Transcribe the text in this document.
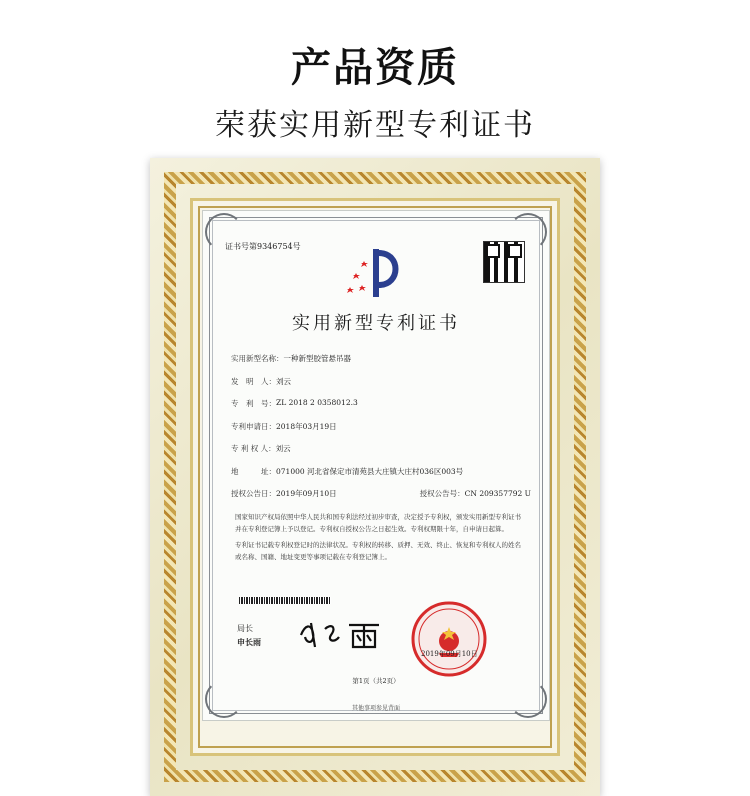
产品资质
荣获实用新型专利证书
证书号第9346754号
实用新型专利证书
实用新型名称： 一种新型胶管悬吊器
发　明　人： 刘云
专　利　号： ZL 2018 2 0358012.3
专利申请日： 2018年03月19日
专 利 权 人： 刘云
地　　　址： 071000 河北省保定市清苑县大庄镇大庄村036区003号
授权公告日：2019年09月10日	授权公告号：CN 209357792 U
国家知识产权局依照中华人民共和国专利法经过初步审查，决定授予专利权，颁发实用新型专利证书并在专利登记簿上予以登记。专利权自授权公告之日起生效。专利权期限十年，自申请日起算。
专利证书记载专利权登记时的法律状况。专利权的转移、质押、无效、终止、恢复和专利权人的姓名或名称、国籍、地址变更等事项记载在专利登记簿上。
局长
申长雨
2019年09月10日
第1页（共2页）
其他事项参见背面
